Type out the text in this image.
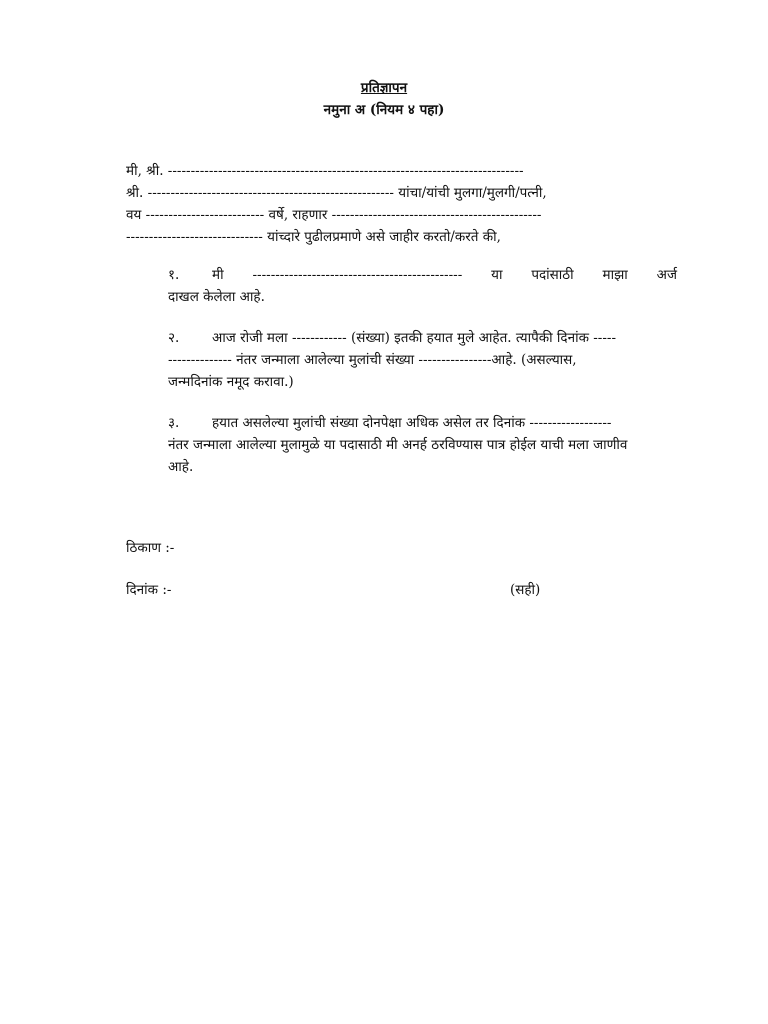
प्रतिज्ञापन
नमुना अ (नियम ४ पहा)
मी, श्री. ------------------------------------------------------------------------------
श्री. ------------------------------------------------------ यांचा/यांची मुलगा/मुलगी/पत्नी,
वय -------------------------- वर्षे, राहणार ----------------------------------------------
------------------------------ यांच्दारे पुढीलप्रमाणे असे जाहीर करतो/करते की,
१. मी ---------------------------------------------- या पदांसाठी माझा अर्ज
दाखल केलेला आहे.
२. आज रोजी मला ------------ (संख्या) इतकी हयात मुले आहेत. त्यापैकी दिनांक -----
-------------- नंतर जन्माला आलेल्या मुलांची संख्या ----------------आहे. (असल्यास,
जन्मदिनांक नमूद करावा.)
३. हयात असलेल्या मुलांची संख्या दोनपेक्षा अधिक असेल तर दिनांक ------------------
नंतर जन्माला आलेल्या मुलामुळे या पदासाठी मी अनर्ह ठरविण्यास पात्र होईल याची मला जाणीव
आहे.
ठिकाण :-
दिनांक :-	(सही)
